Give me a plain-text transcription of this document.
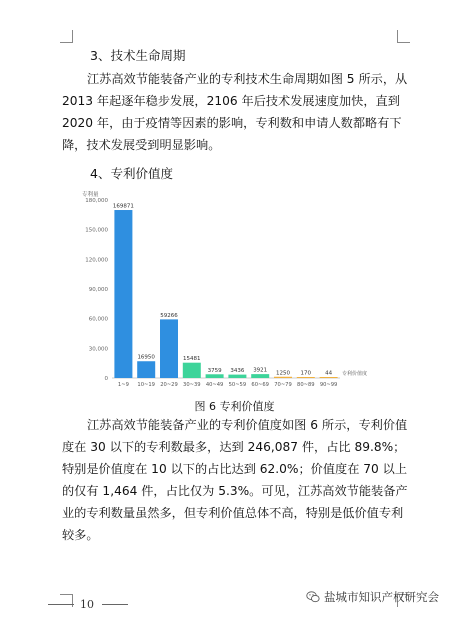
3、技术生命周期

江苏高效节能装备产业的专利技术生命周期如图 5 所示，从 2013 年起逐年稳步发展，2106 年后技术发展速度加快，直到 2020 年，由于疫情等因素的影响，专利数和申请人数都略有下降，技术发展受到明显影响。

4、专利价值度

专利量
0
30,000
60,000
90,000
120,000
150,000
180,000
169871
1~9
16950
10~19
59266
20~29
15481
30~39
3759
40~49
3436
50~59
3921
60~69
1250
70~79
170
80~89
44
90~99
专利价值度

图 6 专利价值度

江苏高效节能装备产业的专利价值度如图 6 所示，专利价值度在 30 以下的专利数最多，达到 246,087 件，占比 89.8%；特别是价值度在 10 以下的占比达到 62.0%；价值度在 70 以上的仅有 1,464 件，占比仅为 5.3%。可见，江苏高效节能装备产业的专利数量虽然多，但专利价值总体不高，特别是低价值专利较多。

10
盐城市知识产权研究会
